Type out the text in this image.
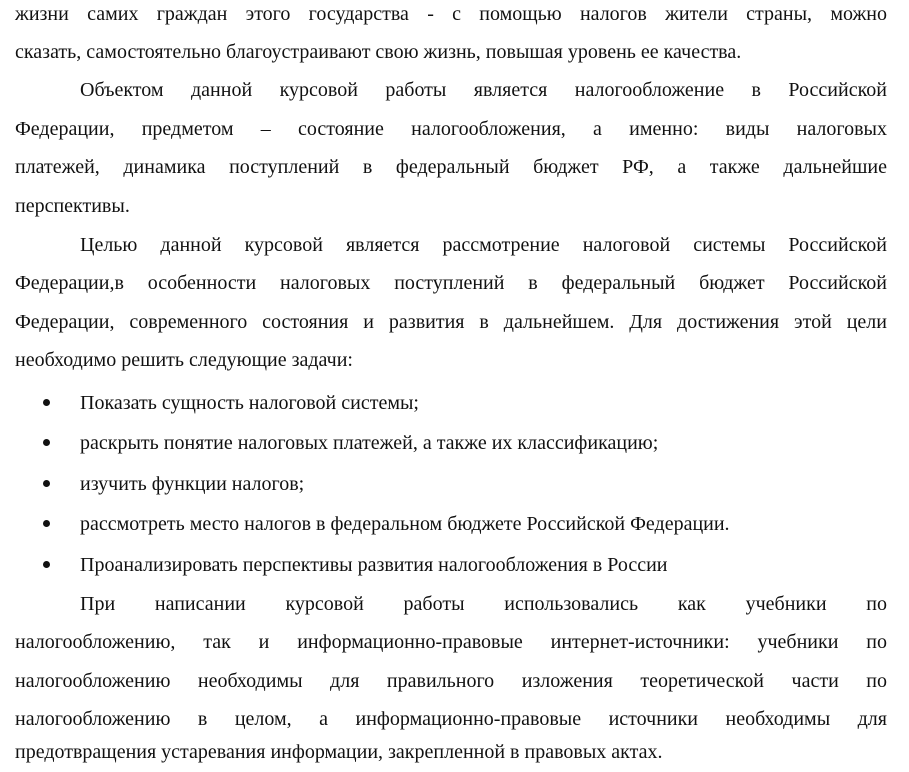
жизни самих граждан этого государства - с помощью налогов жители страны, можно
сказать, самостоятельно благоустраивают свою жизнь, повышая уровень ее качества.
Объектом данной курсовой работы является налогообложение в Российской
Федерации, предметом – состояние налогообложения, а именно: виды налоговых
платежей, динамика поступлений в федеральный бюджет РФ, а также дальнейшие
перспективы.
Целью данной курсовой является рассмотрение налоговой системы Российской
Федерации,в особенности налоговых поступлений в федеральный бюджет Российской
Федерации, современного состояния и развития в дальнейшем. Для достижения этой цели
необходимо решить следующие задачи:
Показать сущность налоговой системы;
раскрыть понятие налоговых платежей, а также их классификацию;
изучить функции налогов;
рассмотреть место налогов в федеральном бюджете Российской Федерации.
Проанализировать перспективы развития налогообложения в России
При написании курсовой работы использовались как учебники по
налогообложению, так и информационно-правовые интернет-источники: учебники по
налогообложению необходимы для правильного изложения теоретической части по
налогообложению в целом, а информационно-правовые источники необходимы для
предотвращения устаревания информации, закрепленной в правовых актах.
